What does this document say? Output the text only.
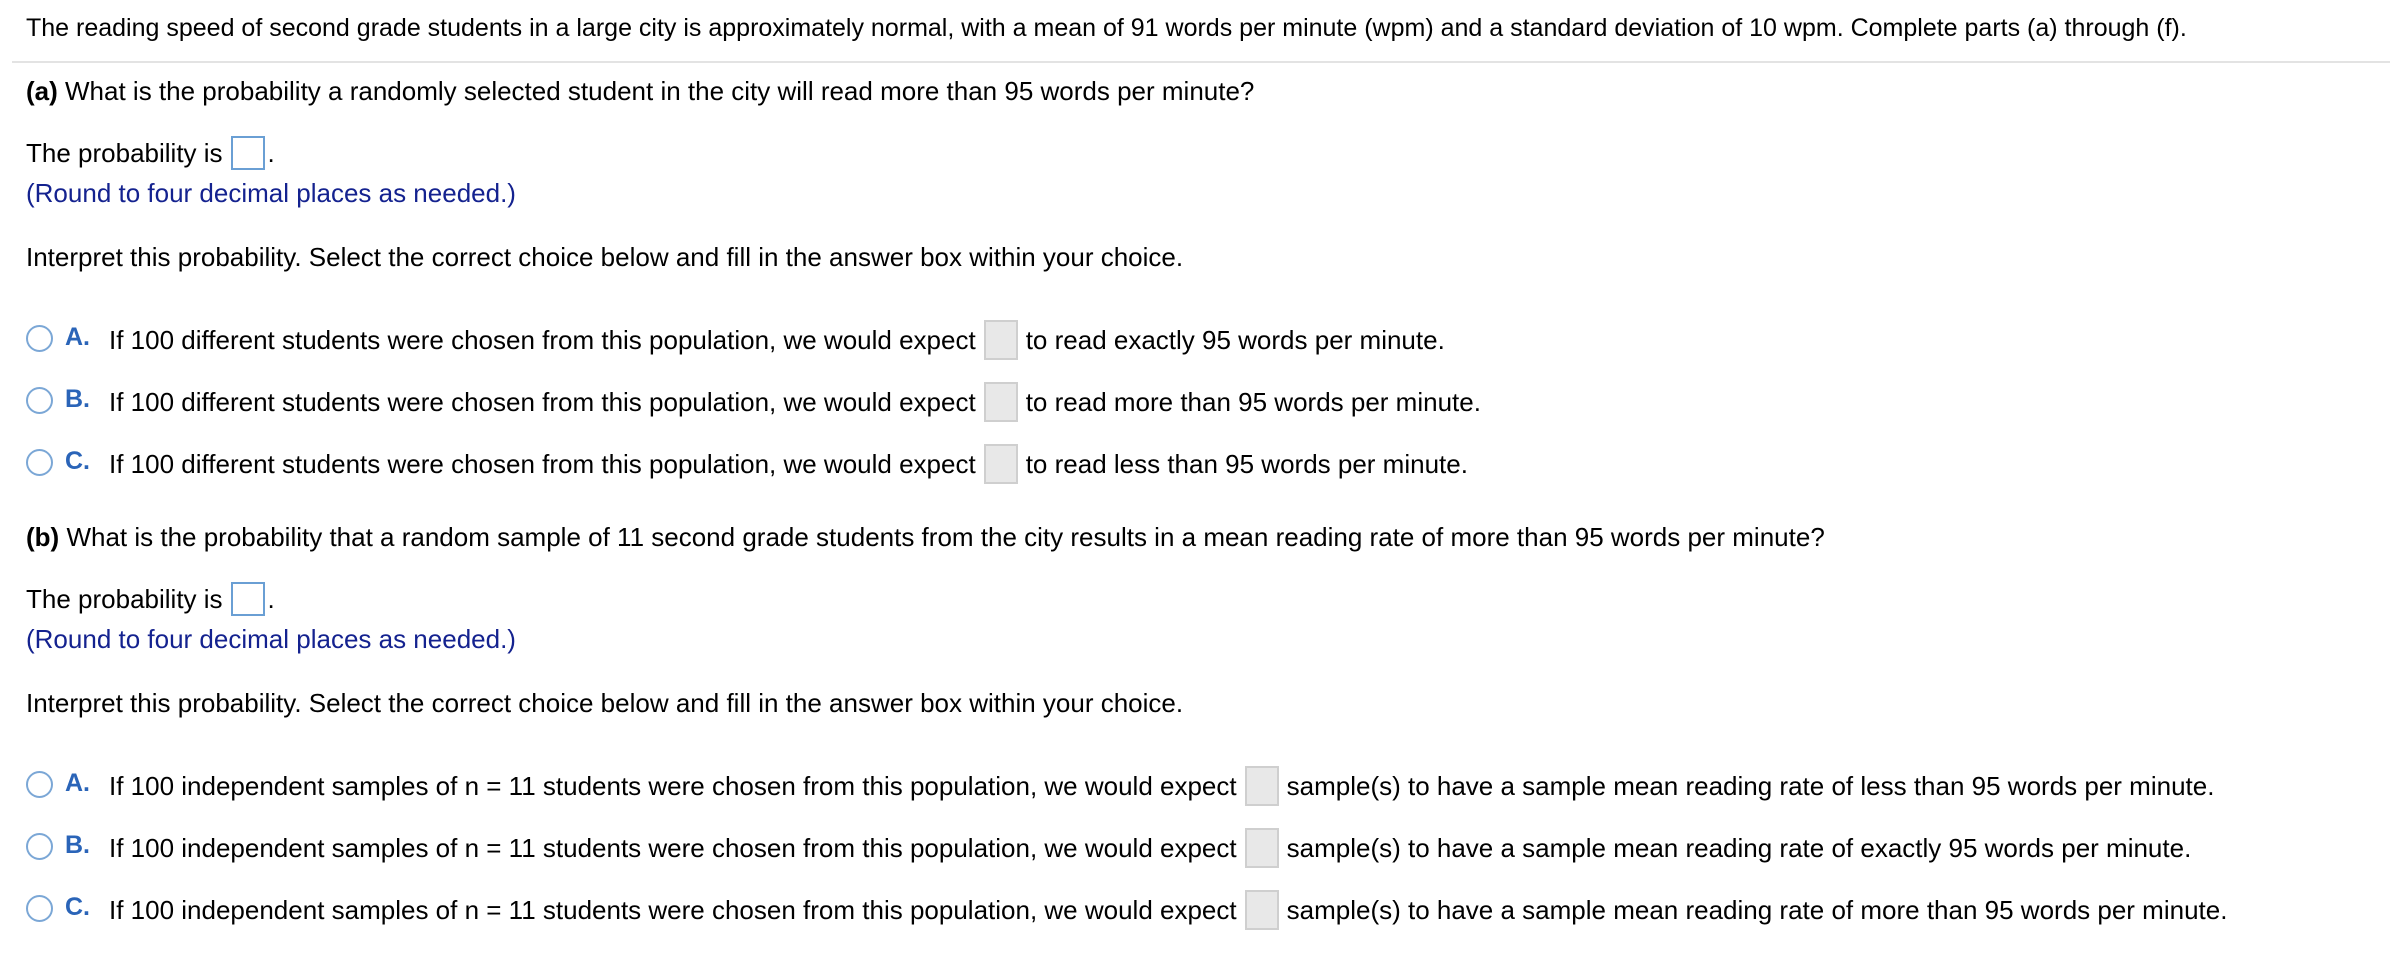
The reading speed of second grade students in a large city is approximately normal, with a mean of 91 words per minute (wpm) and a standard deviation of 10 wpm. Complete parts (a) through (f).
(a) What is the probability a randomly selected student in the city will read more than 95 words per minute?
The probability is .
(Round to four decimal places as needed.)
Interpret this probability. Select the correct choice below and fill in the answer box within your choice.
A. If 100 different students were chosen from this population, we would expect to read exactly 95 words per minute.
B. If 100 different students were chosen from this population, we would expect to read more than 95 words per minute.
C. If 100 different students were chosen from this population, we would expect to read less than 95 words per minute.
(b) What is the probability that a random sample of 11 second grade students from the city results in a mean reading rate of more than 95 words per minute?
The probability is .
(Round to four decimal places as needed.)
Interpret this probability. Select the correct choice below and fill in the answer box within your choice.
A. If 100 independent samples of n = 11 students were chosen from this population, we would expect sample(s) to have a sample mean reading rate of less than 95 words per minute.
B. If 100 independent samples of n = 11 students were chosen from this population, we would expect sample(s) to have a sample mean reading rate of exactly 95 words per minute.
C. If 100 independent samples of n = 11 students were chosen from this population, we would expect sample(s) to have a sample mean reading rate of more than 95 words per minute.
